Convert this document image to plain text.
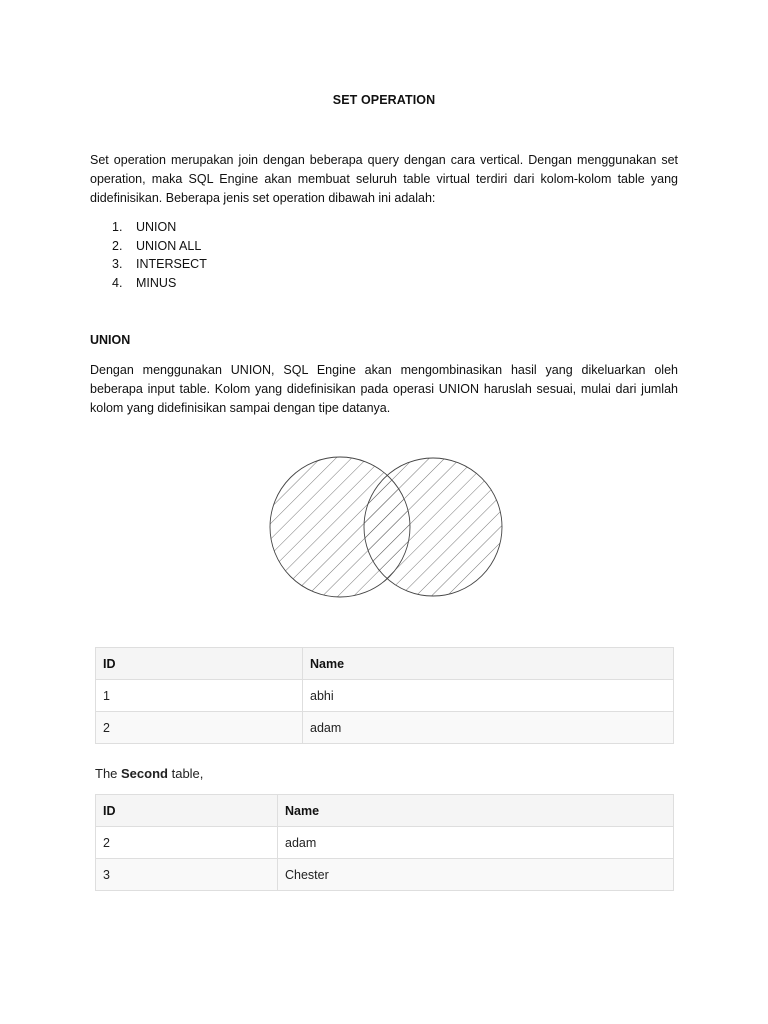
SET OPERATION

Set operation merupakan join dengan beberapa query dengan cara vertical. Dengan menggunakan set operation, maka SQL Engine akan membuat seluruh table virtual terdiri dari kolom-kolom table yang didefinisikan. Beberapa jenis set operation dibawah ini adalah:

1.	UNION
2.	UNION ALL
3.	INTERSECT
4.	MINUS
UNION

Dengan menggunakan UNION, SQL Engine akan mengombinasikan hasil yang dikeluarkan oleh beberapa input table. Kolom yang didefinisikan pada operasi UNION haruslah sesuai, mulai dari jumlah kolom yang didefinisikan sampai dengan tipe datanya.

ID	Name
1	abhi
2	adam
The Second table,
ID	Name
2	adam
3	Chester
